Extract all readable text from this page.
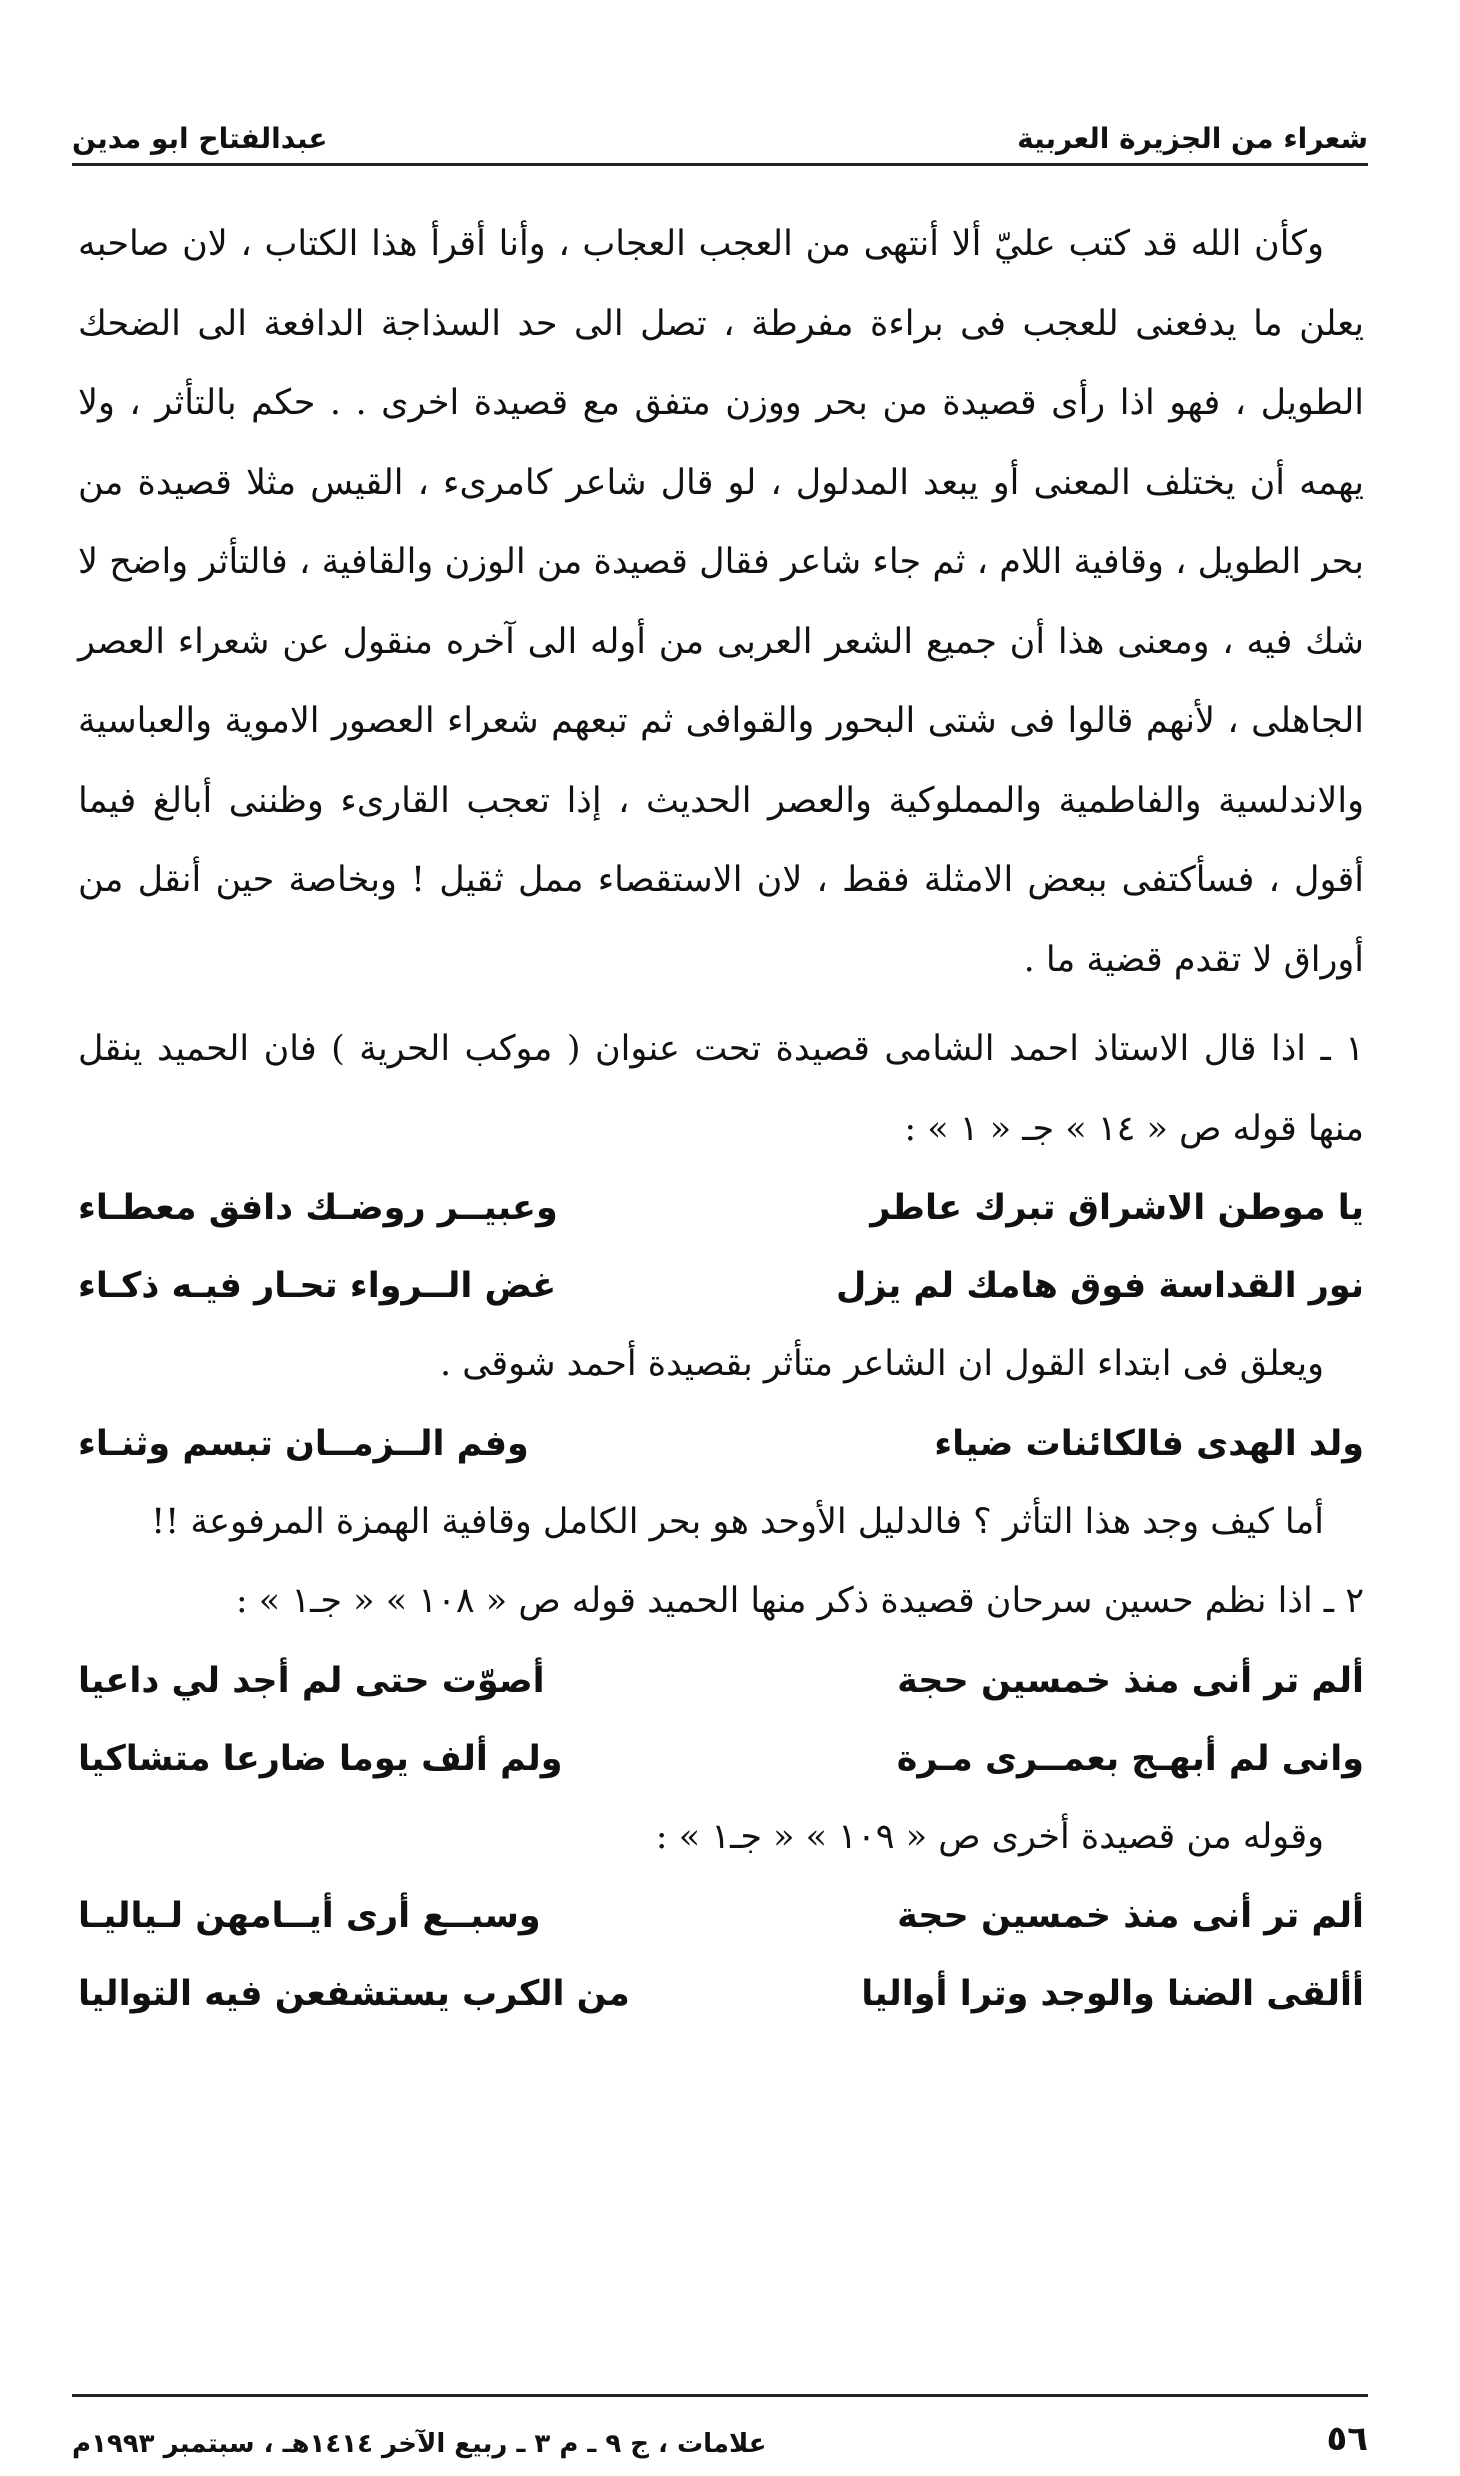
شعراء من الجزيرة العربية
عبدالفتاح ابو مدين

وكأن الله قد كتب عليّ ألا أنتهى من العجب العجاب ، وأنا أقرأ هذا الكتاب ، لان صاحبه يعلن ما يدفعنى للعجب فى براءة مفرطة ، تصل الى حد السذاجة الدافعة الى الضحك الطويل ، فهو اذا رأى قصيدة من بحر ووزن متفق مع قصيدة اخرى . . حكم بالتأثر ، ولا يهمه أن يختلف المعنى أو يبعد المدلول ، لو قال شاعر كامرىء ، القيس مثلا قصيدة من بحر الطويل ، وقافية اللام ، ثم جاء شاعر فقال قصيدة من الوزن والقافية ، فالتأثر واضح لا شك فيه ، ومعنى هذا أن جميع الشعر العربى من أوله الى آخره منقول عن شعراء العصر الجاهلى ، لأنهم قالوا فى شتى البحور والقوافى ثم تبعهم شعراء العصور الاموية والعباسية والاندلسية والفاطمية والمملوكية والعصر الحديث ، إذا تعجب القارىء وظننى أبالغ فيما أقول ، فسأكتفى ببعض الامثلة فقط ، لان الاستقصاء ممل ثقيل ! وبخاصة حين أنقل من أوراق لا تقدم قضية ما .

١ ـ اذا قال الاستاذ احمد الشامى قصيدة تحت عنوان ( موكب الحرية ) فان الحميد ينقل منها قوله ص « ١٤ » جـ « ١ » :

يا موطن الاشراق تبرك عاطر
وعبيــر روضـك دافق معطـاء
نور القداسة فوق هامك لم يزل
غض الــرواء تحـار فيـه ذكـاء

ويعلق فى ابتداء القول ان الشاعر متأثر بقصيدة أحمد شوقى .

ولد الهدى فالكائنات ضياء
وفم الــزمــان تبسم وثنـاء

أما كيف وجد هذا التأثر ؟ فالدليل الأوحد هو بحر الكامل وقافية الهمزة المرفوعة !!

٢ ـ اذا نظم حسين سرحان قصيدة ذكر منها الحميد قوله ص « ١٠٨ » « جـ١ » :

ألم تر أنى منذ خمسين حجة
أصوّت حتى لم أجد لي داعيا
وانى لم أبهـج بعمــرى مـرة
ولم ألف يوما ضارعا متشاكيا

وقوله من قصيدة أخرى ص « ١٠٩ » « جـ١ » :

ألم تر أنى منذ خمسين حجة
وسبــع أرى أيــامهن لـياليـا
أألقى الضنا والوجد وترا أواليا
من الكرب يستشفعن فيه التواليا
٥٦
علامات ، ج ٩ ـ م ٣ ـ ربيع الآخر ١٤١٤هـ ، سبتمبر ١٩٩٣م
